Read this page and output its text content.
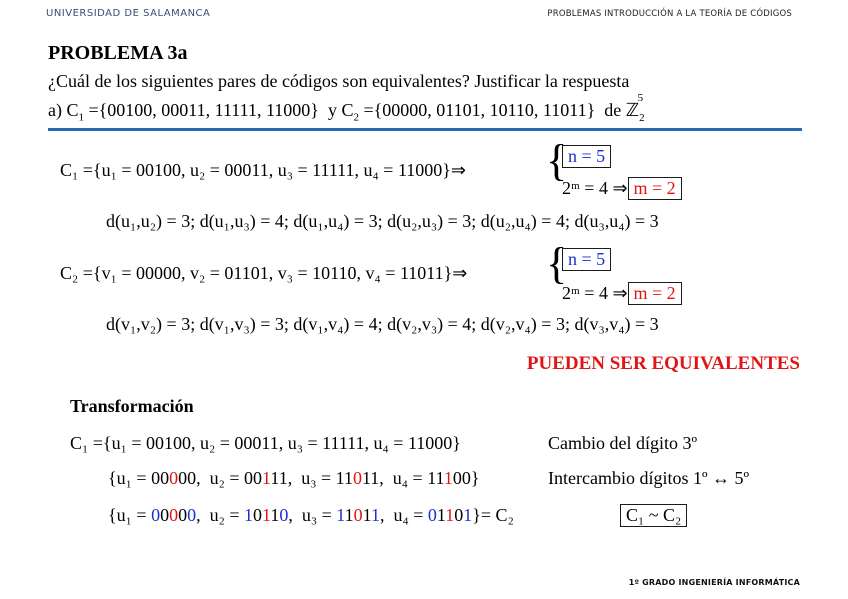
UNIVERSIDAD DE SALAMANCA	PROBLEMAS INTRODUCCIÓN A LA TEORÍA DE CÓDIGOS
PROBLEMA 3a
¿Cuál de los siguientes pares de códigos son equivalentes? Justificar la respuesta
a) $C_1 =\{00100$, 00011, 11111, 11000} y $C_2 =\{00000$, 01101, 10110, 11011} de ℤ$_2^5$
C₁ ={u₁ = 00100, u₂ = 00011, u₃ = 11111, u₄ = 11000}⇒ { n = 5
2ᵐ = 4 ⇒ m = 2
d(u₁,u₂) = 3; d(u₁,u₃) = 4; d(u₁,u₄) = 3; d(u₂,u₃) = 3; d(u₂,u₄) = 4; d(u₃,u₄) = 3
C₂ ={v₁ = 00000, v₂ = 01101, v₃ = 10110, v₄ = 11011}⇒ { n = 5
2ᵐ = 4 ⇒ m = 2
d(v₁,v₂) = 3; d(v₁,v₃) = 3; d(v₁,v₄) = 4; d(v₂,v₃) = 4; d(v₂,v₄) = 3; d(v₃,v₄) = 3
PUEDEN SER EQUIVALENTES
Transformación
C₁ ={u₁ = 00100, u₂ = 00011, u₃ = 11111, u₄ = 11000}	Cambio del dígito 3º
{u₁ = 00000,  u₂ = 00111,  u₃ = 11011,  u₄ = 11100}	Intercambio dígitos 1º ↔ 5º
{u₁ = 00000,  u₂ = 10110,  u₃ = 11011,  u₄ = 01101}= C₂	C₁ ~ C₂
1º GRADO INGENIERÍA INFORMÁTICA
